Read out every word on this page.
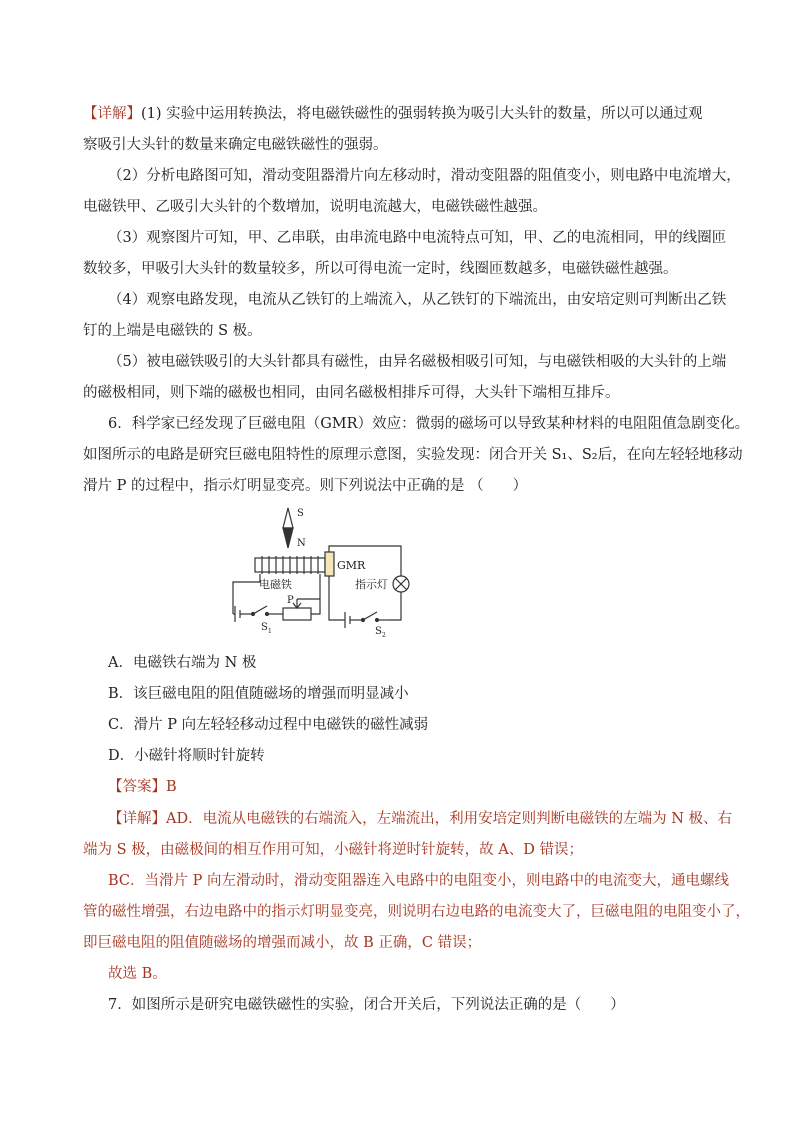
【详解】(1) 实验中运用转换法，将电磁铁磁性的强弱转换为吸引大头针的数量，所以可以通过观
察吸引大头针的数量来确定电磁铁磁性的强弱。
（2）分析电路图可知，滑动变阻器滑片向左移动时，滑动变阻器的阻值变小，则电路中电流增大，
电磁铁甲、乙吸引大头针的个数增加，说明电流越大，电磁铁磁性越强。
（3）观察图片可知，甲、乙串联，由串流电路中电流特点可知，甲、乙的电流相同，甲的线圈匝
数较多，甲吸引大头针的数量较多，所以可得电流一定时，线圈匝数越多，电磁铁磁性越强。
（4）观察电路发现，电流从乙铁钉的上端流入，从乙铁钉的下端流出，由安培定则可判断出乙铁
钉的上端是电磁铁的 S 极。
（5）被电磁铁吸引的大头针都具有磁性，由异名磁极相吸引可知，与电磁铁相吸的大头针的上端
的磁极相同，则下端的磁极也相同，由同名磁极相排斥可得，大头针下端相互排斥。
6．科学家已经发现了巨磁电阻（GMR）效应：微弱的磁场可以导致某种材料的电阻阻值急剧变化。
如图所示的电路是研究巨磁电阻特性的原理示意图，实验发现：闭合开关 S₁、S₂后，在向左轻轻地移动
滑片 P 的过程中，指示灯明显变亮。则下列说法中正确的是 （　　）
S
N
电磁铁
GMR
指示灯
P
S 1	S 2
A．电磁铁右端为 N 极
B．该巨磁电阻的阻值随磁场的增强而明显减小
C．滑片 P 向左轻轻移动过程中电磁铁的磁性减弱
D．小磁针将顺时针旋转
【答案】B
【详解】AD．电流从电磁铁的右端流入，左端流出，利用安培定则判断电磁铁的左端为 N 极、右
端为 S 极，由磁极间的相互作用可知，小磁针将逆时针旋转，故 A、D 错误；
BC．当滑片 P 向左滑动时，滑动变阻器连入电路中的电阻变小，则电路中的电流变大，通电螺线
管的磁性增强，右边电路中的指示灯明显变亮，则说明右边电路的电流变大了，巨磁电阻的电阻变小了，
即巨磁电阻的阻值随磁场的增强而减小，故 B 正确，C 错误；
故选 B。
7．如图所示是研究电磁铁磁性的实验，闭合开关后，下列说法正确的是（　　）
